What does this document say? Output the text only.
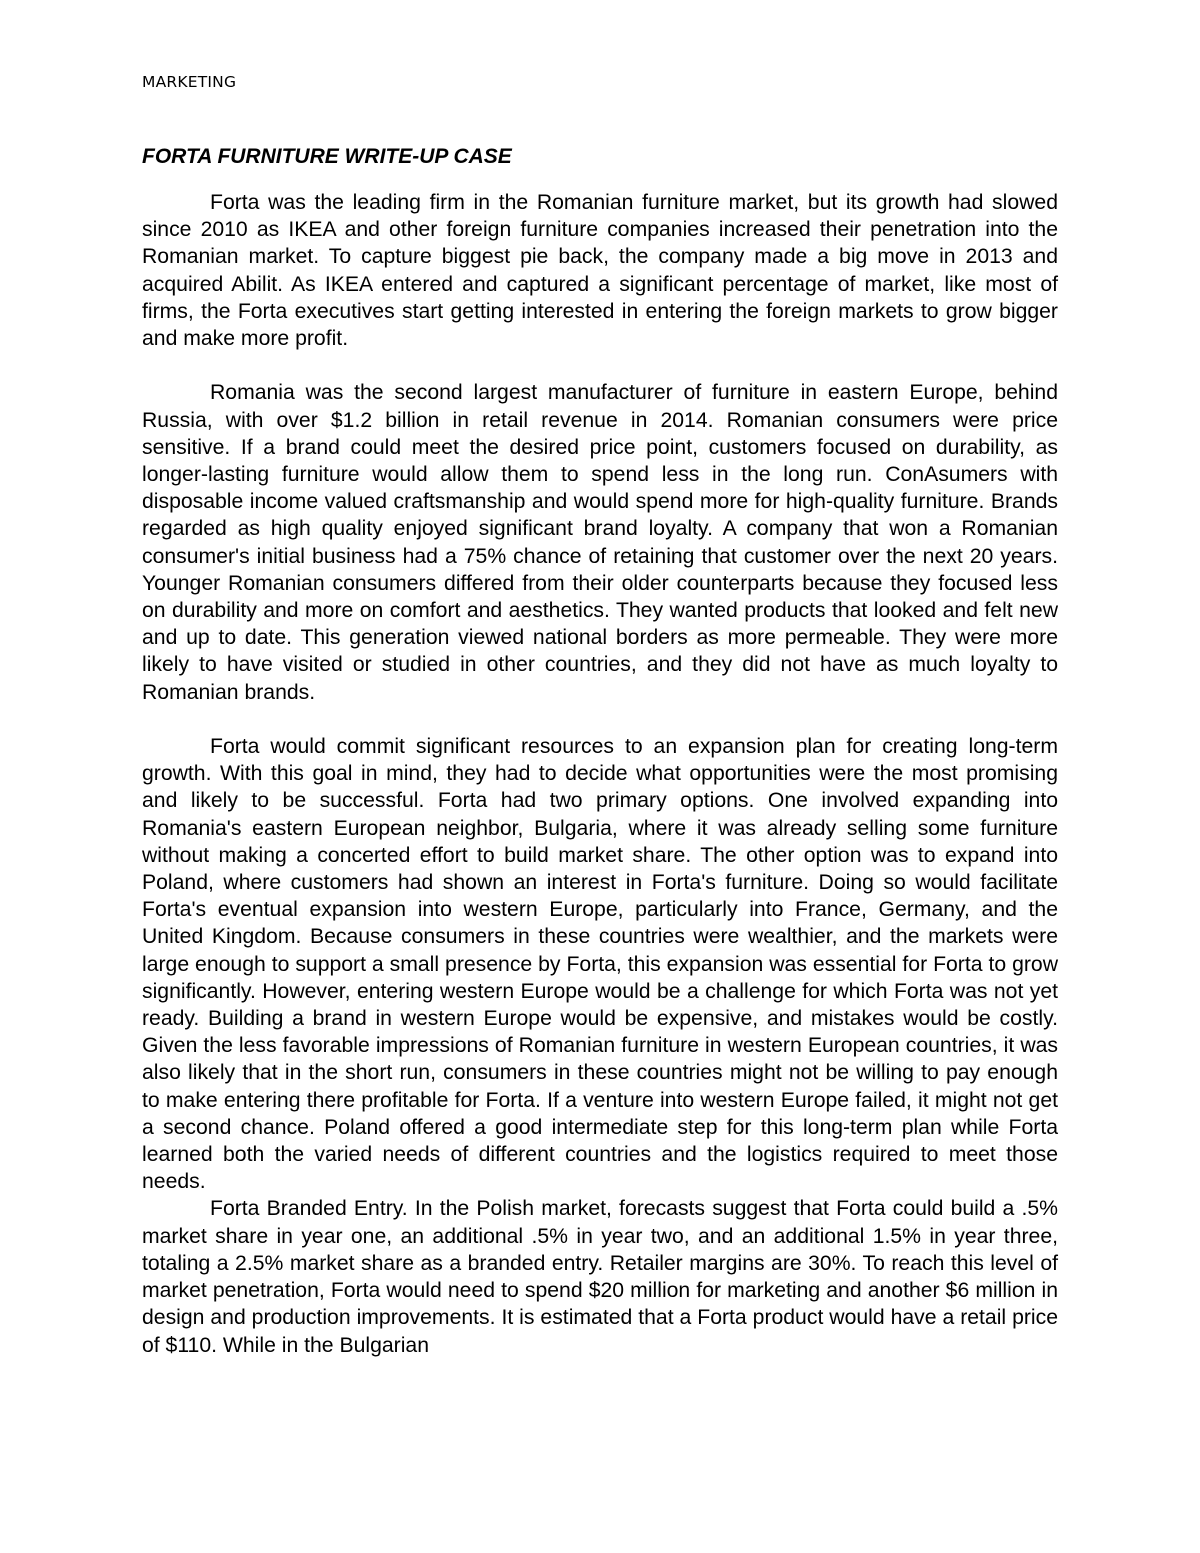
MARKETING
FORTA FURNITURE WRITE-UP CASE

Forta was the leading firm in the Romanian furniture market, but its growth had slowed since 2010 as IKEA and other foreign furniture companies increased their penetration into the Romanian market. To capture biggest pie back, the company made a big move in 2013 and acquired Abilit. As IKEA entered and captured a significant percentage of market, like most of firms, the Forta executives start getting interested in entering the foreign markets to grow bigger and make more profit.

Romania was the second largest manufacturer of furniture in eastern Europe, behind Russia, with over $1.2 billion in retail revenue in 2014. Romanian consumers were price sensitive. If a brand could meet the desired price point, customers focused on durability, as longer-lasting furniture would allow them to spend less in the long run. ConAsumers with disposable income valued craftsmanship and would spend more for high-quality furniture. Brands regarded as high quality enjoyed significant brand loyalty. A company that won a Romanian consumer's initial business had a 75% chance of retaining that customer over the next 20 years. Younger Romanian consumers differed from their older counterparts because they focused less on durability and more on comfort and aesthetics. They wanted products that looked and felt new and up to date. This generation viewed national borders as more permeable. They were more likely to have visited or studied in other countries, and they did not have as much loyalty to Romanian brands.

Forta would commit significant resources to an expansion plan for creating long-term growth. With this goal in mind, they had to decide what opportunities were the most promising and likely to be successful. Forta had two primary options. One involved expanding into Romania's eastern European neighbor, Bulgaria, where it was already selling some furniture without making a concerted effort to build market share. The other option was to expand into Poland, where customers had shown an interest in Forta's furniture. Doing so would facilitate Forta's eventual expansion into western Europe, particularly into France, Germany, and the United Kingdom. Because consumers in these countries were wealthier, and the markets were large enough to support a small presence by Forta, this expansion was essential for Forta to grow significantly. However, entering western Europe would be a challenge for which Forta was not yet ready. Building a brand in western Europe would be expensive, and mistakes would be costly. Given the less favorable impressions of Romanian furniture in western European countries, it was also likely that in the short run, consumers in these countries might not be willing to pay enough to make entering there profitable for Forta. If a venture into western Europe failed, it might not get a second chance. Poland offered a good intermediate step for this long-term plan while Forta learned both the varied needs of different countries and the logistics required to meet those needs.

Forta Branded Entry. In the Polish market, forecasts suggest that Forta could build a .5% market share in year one, an additional .5% in year two, and an additional 1.5% in year three, totaling a 2.5% market share as a branded entry. Retailer margins are 30%. To reach this level of market penetration, Forta would need to spend $20 million for marketing and another $6 million in design and production improvements. It is estimated that a Forta product would have a retail price of $110. While in the Bulgarian
